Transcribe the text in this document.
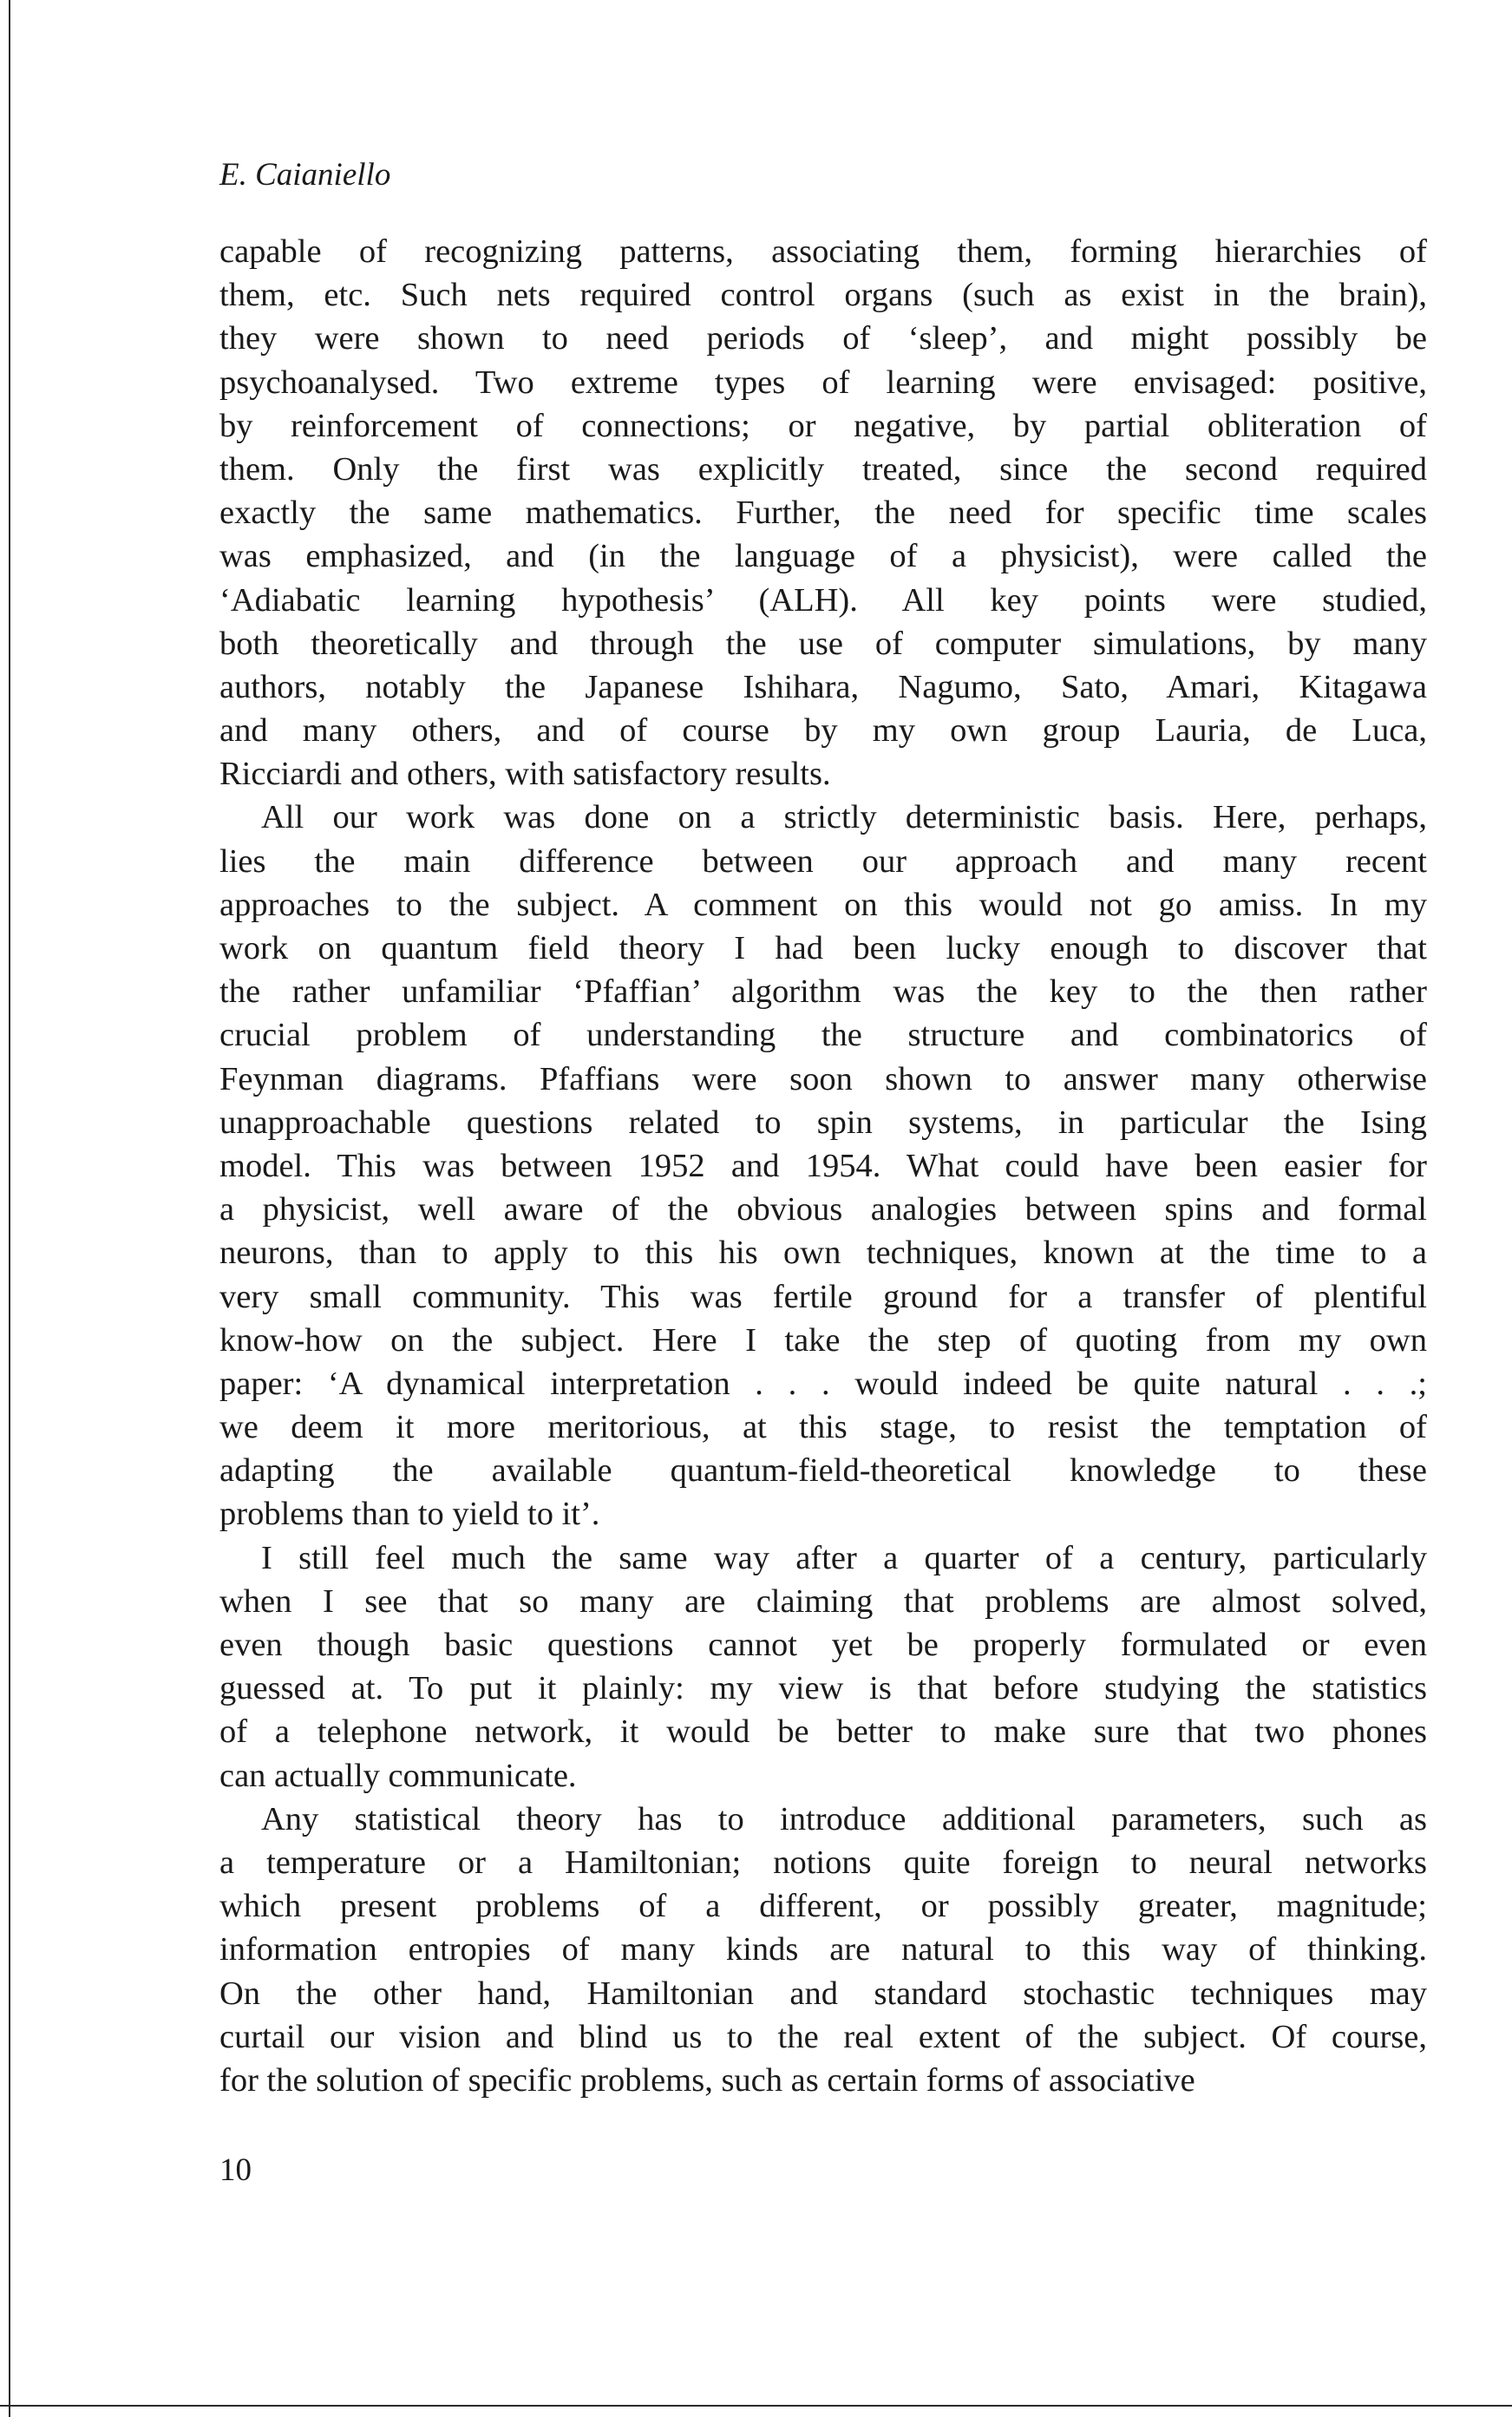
E. Caianiello
capable of recognizing patterns, associating them, forming hierarchies of
them, etc. Such nets required control organs (such as exist in the brain),
they were shown to need periods of ‘sleep’, and might possibly be
psychoanalysed. Two extreme types of learning were envisaged: positive,
by reinforcement of connections; or negative, by partial obliteration of
them. Only the first was explicitly treated, since the second required
exactly the same mathematics. Further, the need for specific time scales
was emphasized, and (in the language of a physicist), were called the
‘Adiabatic learning hypothesis’ (ALH). All key points were studied,
both theoretically and through the use of computer simulations, by many
authors, notably the Japanese Ishihara, Nagumo, Sato, Amari, Kitagawa
and many others, and of course by my own group Lauria, de Luca,
Ricciardi and others, with satisfactory results.
All our work was done on a strictly deterministic basis. Here, perhaps,
lies the main difference between our approach and many recent
approaches to the subject. A comment on this would not go amiss. In my
work on quantum field theory I had been lucky enough to discover that
the rather unfamiliar ‘Pfaffian’ algorithm was the key to the then rather
crucial problem of understanding the structure and combinatorics of
Feynman diagrams. Pfaffians were soon shown to answer many otherwise
unapproachable questions related to spin systems, in particular the Ising
model. This was between 1952 and 1954. What could have been easier for
a physicist, well aware of the obvious analogies between spins and formal
neurons, than to apply to this his own techniques, known at the time to a
very small community. This was fertile ground for a transfer of plentiful
know-how on the subject. Here I take the step of quoting from my own
paper: ‘A dynamical interpretation . . . would indeed be quite natural . . .;
we deem it more meritorious, at this stage, to resist the temptation of
adapting the available quantum-field-theoretical knowledge to these
problems than to yield to it’.
I still feel much the same way after a quarter of a century, particularly
when I see that so many are claiming that problems are almost solved,
even though basic questions cannot yet be properly formulated or even
guessed at. To put it plainly: my view is that before studying the statistics
of a telephone network, it would be better to make sure that two phones
can actually communicate.
Any statistical theory has to introduce additional parameters, such as
a temperature or a Hamiltonian; notions quite foreign to neural networks
which present problems of a different, or possibly greater, magnitude;
information entropies of many kinds are natural to this way of thinking.
On the other hand, Hamiltonian and standard stochastic techniques may
curtail our vision and blind us to the real extent of the subject. Of course,
for the solution of specific problems, such as certain forms of associative
10
